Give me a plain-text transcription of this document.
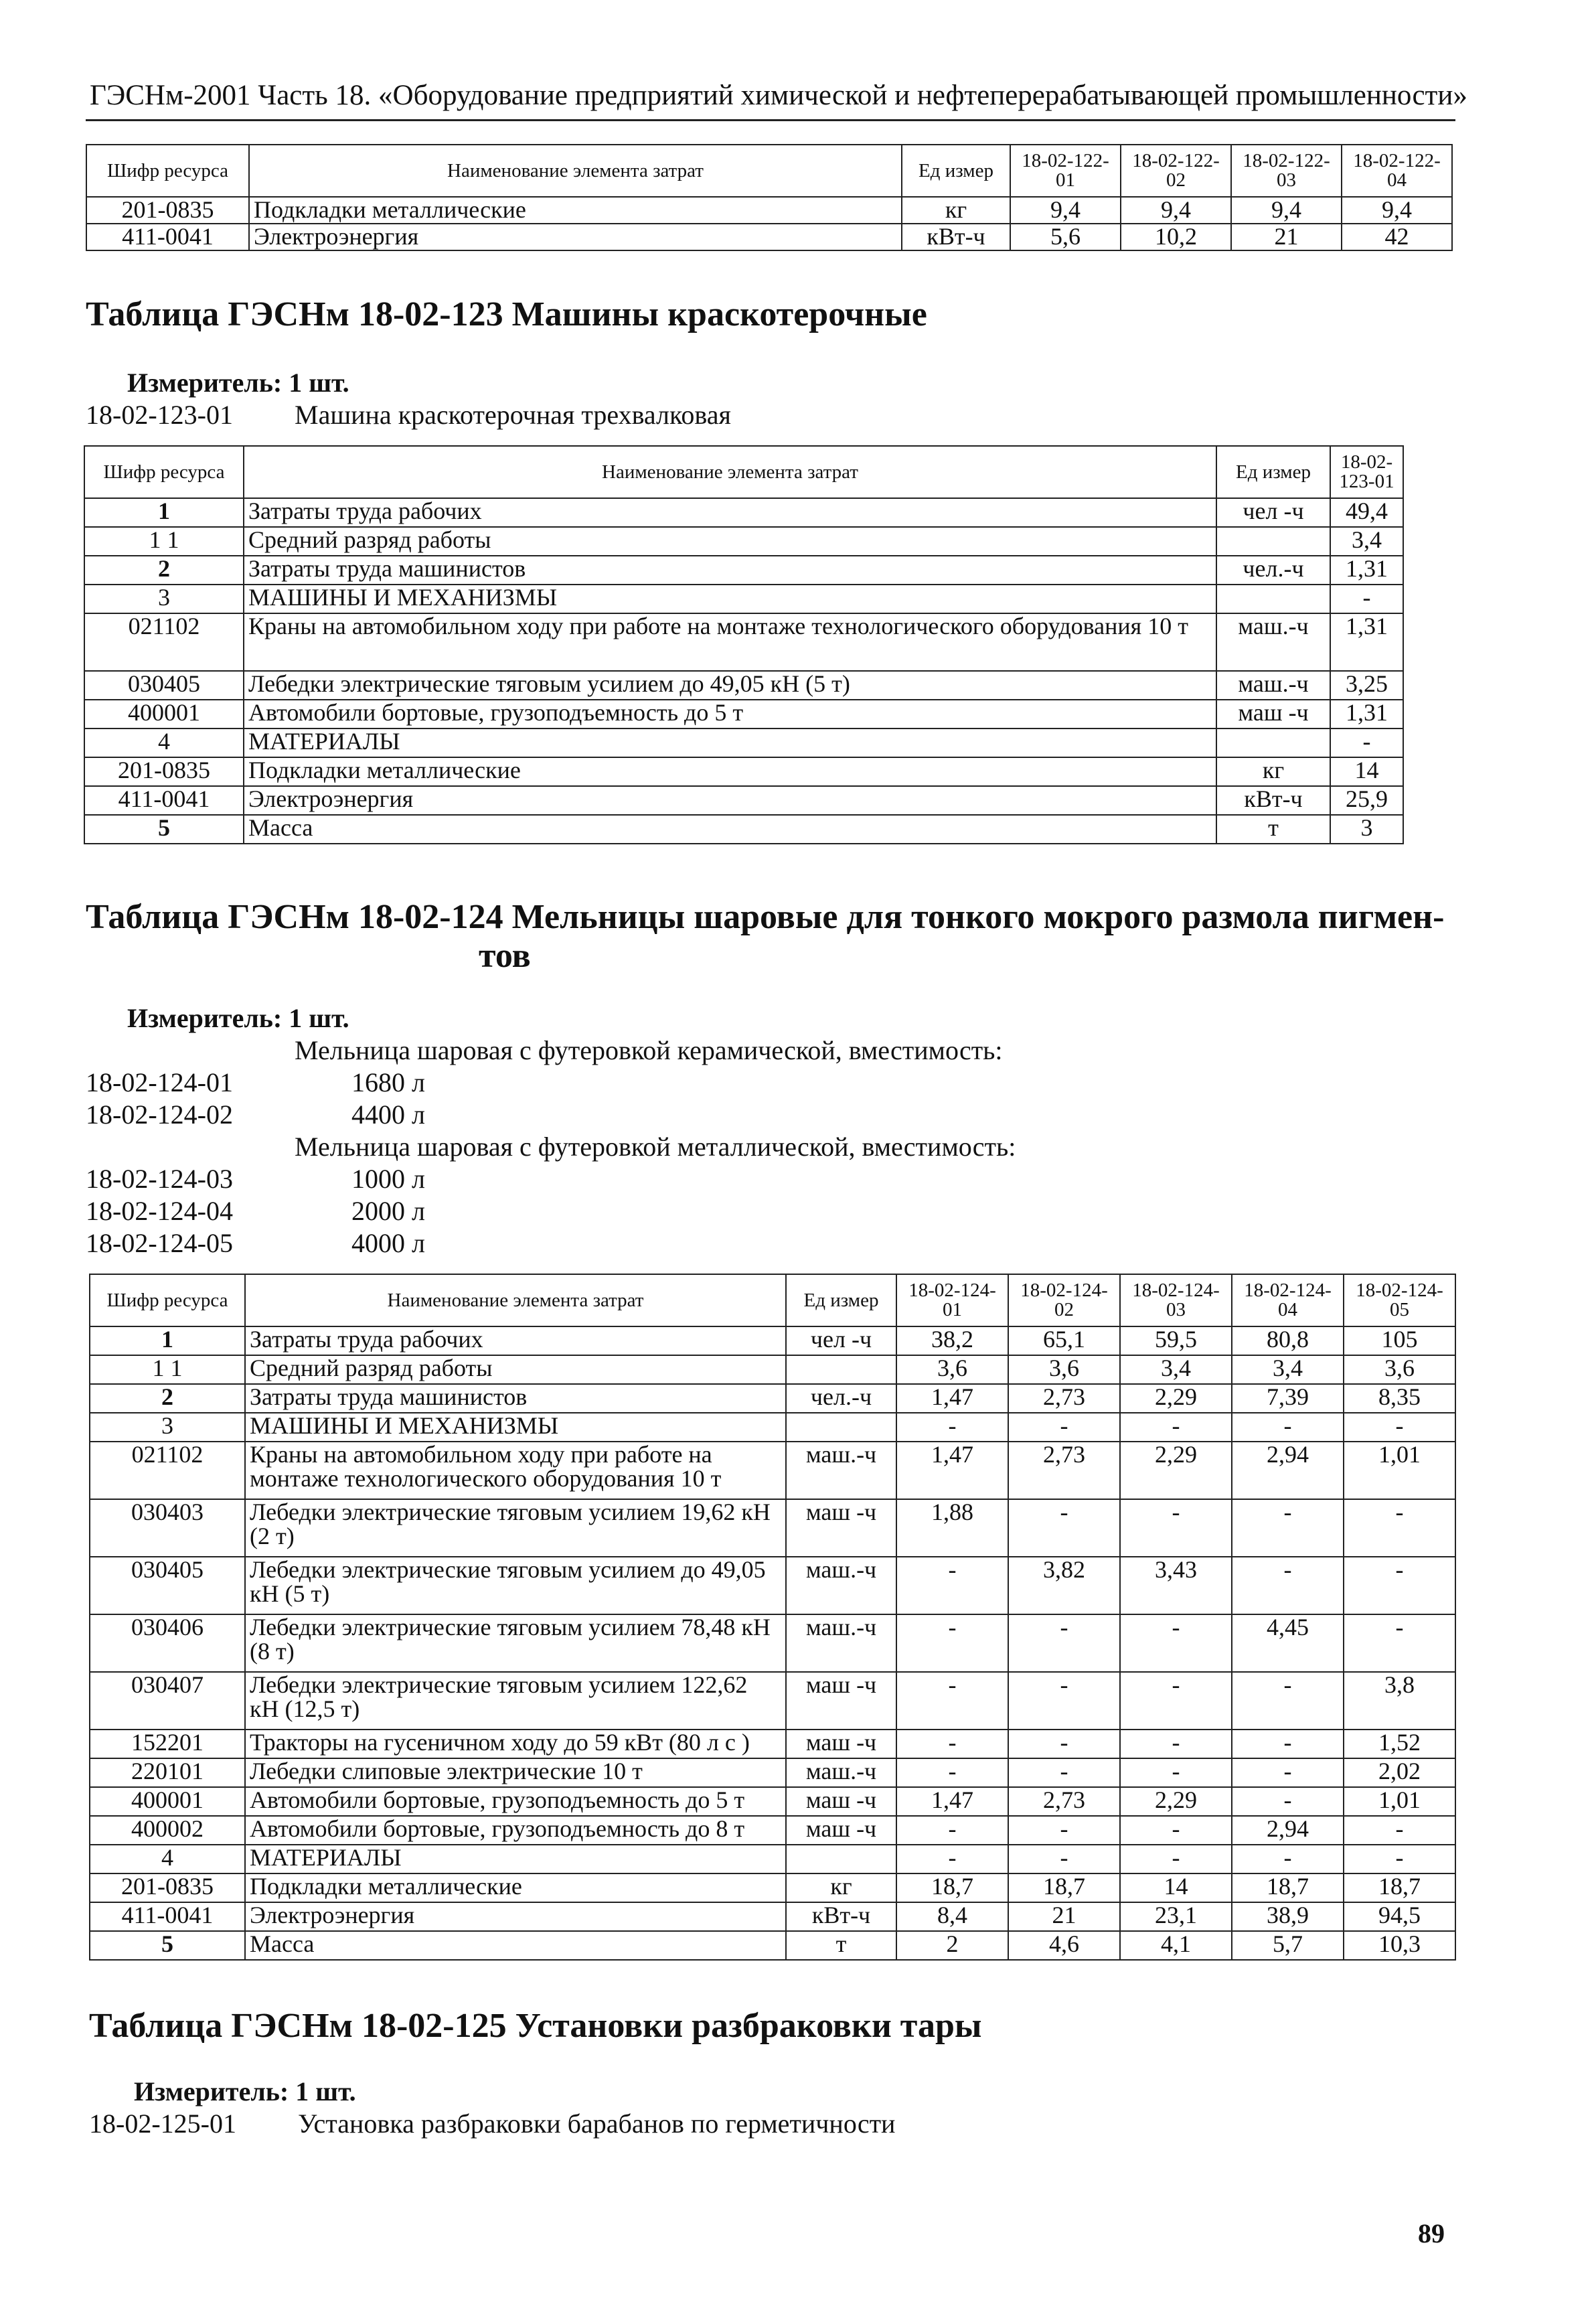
ГЭСНм-2001 Часть 18. «Оборудование предприятий химической и нефтеперерабатывающей промышленности»
Шифр ресурса	Наименование элемента затрат	Ед измер	18-02-122-01	18-02-122-02	18-02-122-03	18-02-122-04
201-0835	Подкладки металлические	кг	9,4	9,4	9,4	9,4
411-0041	Электроэнергия	кВт-ч	5,6	10,2	21	42
Таблица ГЭСНм 18-02-123 Машины краскотерочные
Измеритель: 1 шт.
18-02-123-01 Машина краскотерочная трехвалковая
Шифр ресурса	Наименование элемента затрат	Ед измер	18-02-123-01
1	Затраты труда рабочих	чел -ч	49,4
1 1	Средний разряд работы		3,4
2	Затраты труда машинистов	чел.-ч	1,31
3	МАШИНЫ И МЕХАНИЗМЫ		-
021102	Краны на автомобильном ходу при работе на монтаже технологического оборудования 10 т	маш.-ч	1,31
030405	Лебедки электрические тяговым усилием до 49,05 кН (5 т)	маш.-ч	3,25
400001	Автомобили бортовые, грузоподъемность до 5 т	маш -ч	1,31
4	МАТЕРИАЛЫ		-
201-0835	Подкладки металлические	кг	14
411-0041	Электроэнергия	кВт-ч	25,9
5	Масса	т	3
Таблица ГЭСНм 18-02-124 Мельницы шаровые для тонкого мокрого размола пигмен-
тов
Измеритель: 1 шт.
Мельница шаровая с футеровкой керамической, вместимость:
18-02-124-01	1680 л
18-02-124-02	4400 л
Мельница шаровая с футеровкой металлической, вместимость:
18-02-124-03	1000 л
18-02-124-04	2000 л
18-02-124-05	4000 л
Шифр ресурса	Наименование элемента затрат	Ед измер	18-02-124-01	18-02-124-02	18-02-124-03	18-02-124-04	18-02-124-05
1	Затраты труда рабочих	чел -ч	38,2	65,1	59,5	80,8	105
1 1	Средний разряд работы		3,6	3,6	3,4	3,4	3,6
2	Затраты труда машинистов	чел.-ч	1,47	2,73	2,29	7,39	8,35
3	МАШИНЫ И МЕХАНИЗМЫ		-	-	-	-	-
021102	Краны на автомобильном ходу при работе на монтаже технологического оборудования 10 т	маш.-ч	1,47	2,73	2,29	2,94	1,01
030403	Лебедки электрические тяговым усилием 19,62 кН (2 т)	маш -ч	1,88	-	-	-	-
030405	Лебедки электрические тяговым усилием до 49,05 кН (5 т)	маш.-ч	-	3,82	3,43	-	-
030406	Лебедки электрические тяговым усилием 78,48 кН (8 т)	маш.-ч	-	-	-	4,45	-
030407	Лебедки электрические тяговым усилием 122,62 кН (12,5 т)	маш -ч	-	-	-	-	3,8
152201	Тракторы на гусеничном ходу до 59 кВт (80 л с )	маш -ч	-	-	-	-	1,52
220101	Лебедки слиповые электрические 10 т	маш.-ч	-	-	-	-	2,02
400001	Автомобили бортовые, грузоподъемность до 5 т	маш -ч	1,47	2,73	2,29	-	1,01
400002	Автомобили бортовые, грузоподъемность до 8 т	маш -ч	-	-	-	2,94	-
4	МАТЕРИАЛЫ		-	-	-	-	-
201-0835	Подкладки металлические	кг	18,7	18,7	14	18,7	18,7
411-0041	Электроэнергия	кВт-ч	8,4	21	23,1	38,9	94,5
5	Масса	т	2	4,6	4,1	5,7	10,3
Таблица ГЭСНм 18-02-125 Установки разбраковки тары
Измеритель: 1 шт.
18-02-125-01 Установка разбраковки барабанов по герметичности
89
